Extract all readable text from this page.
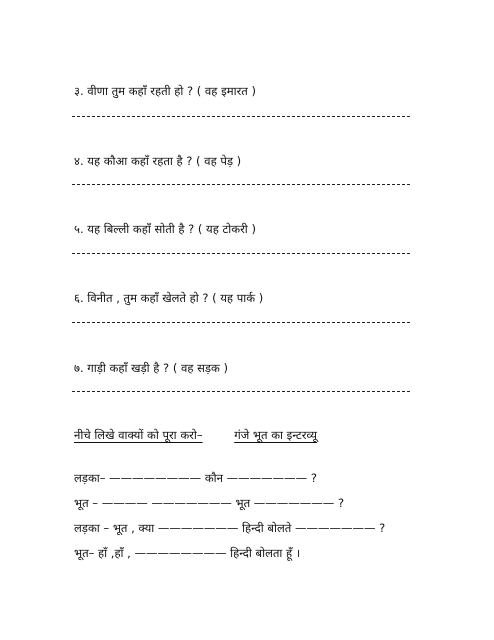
३. वीणा तुम कहाँ रहती हो ? ( वह इमारत )
४. यह कौआ कहाँ रहता है ? ( वह पेड़ )
५. यह बिल्ली कहाँ सोती है ? ( यह टोकरी )
६. विनीत , तुम कहाँ खेलते हो ? ( यह पार्क )
७. गाड़ी कहाँ खड़ी है ? ( वह सड़क )
नीचे लिखे वाक्यों को पूरा करो–	गंजे भूत का इन्टरव्यू
लड़का– ———————— कौन ——————— ?
भूत – ———— ——————— भूत ——————— ?
लड़का – भूत , क्या ——————— हिन्दी बोलते ——————— ?
भूत– हाँ ,हाँ , ———————— हिन्दी बोलता हूँ ।
